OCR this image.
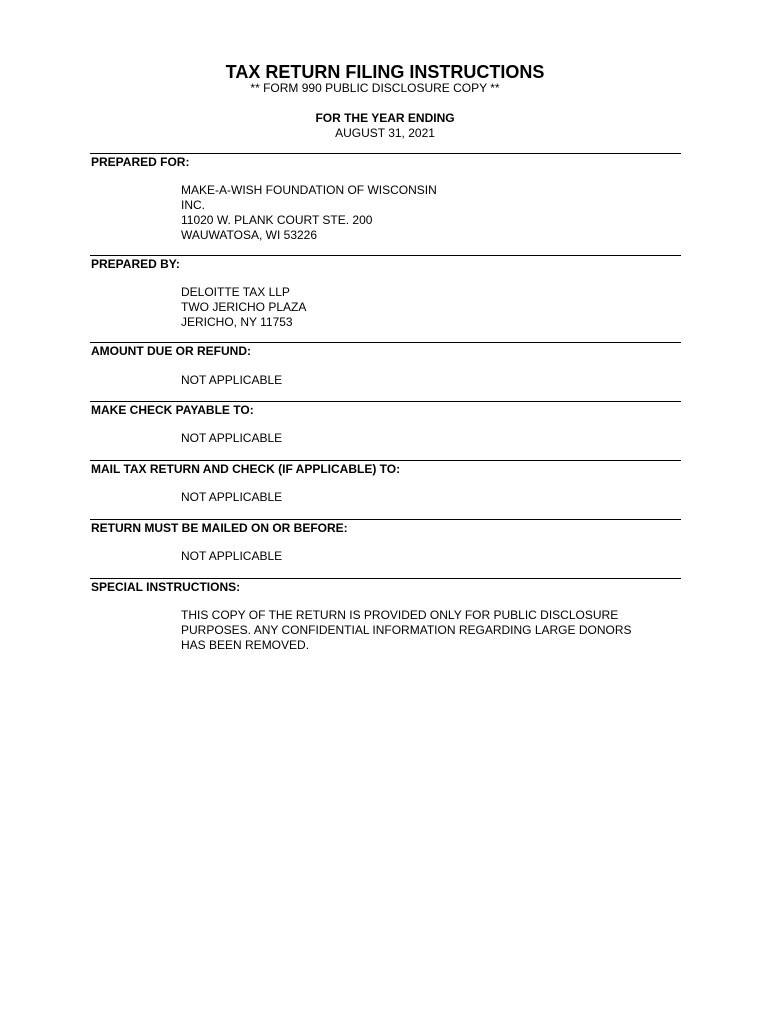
TAX RETURN FILING INSTRUCTIONS
** FORM 990 PUBLIC DISCLOSURE COPY **
FOR THE YEAR ENDING
AUGUST 31, 2021
PREPARED FOR:
MAKE-A-WISH FOUNDATION OF WISCONSIN
INC.
11020 W. PLANK COURT STE. 200
WAUWATOSA, WI 53226
PREPARED BY:
DELOITTE TAX LLP
TWO JERICHO PLAZA
JERICHO, NY 11753
AMOUNT DUE OR REFUND:
NOT APPLICABLE
MAKE CHECK PAYABLE TO:
NOT APPLICABLE
MAIL TAX RETURN AND CHECK (IF APPLICABLE) TO:
NOT APPLICABLE
RETURN MUST BE MAILED ON OR BEFORE:
NOT APPLICABLE
SPECIAL INSTRUCTIONS:
THIS COPY OF THE RETURN IS PROVIDED ONLY FOR PUBLIC DISCLOSURE
PURPOSES. ANY CONFIDENTIAL INFORMATION REGARDING LARGE DONORS
HAS BEEN REMOVED.
